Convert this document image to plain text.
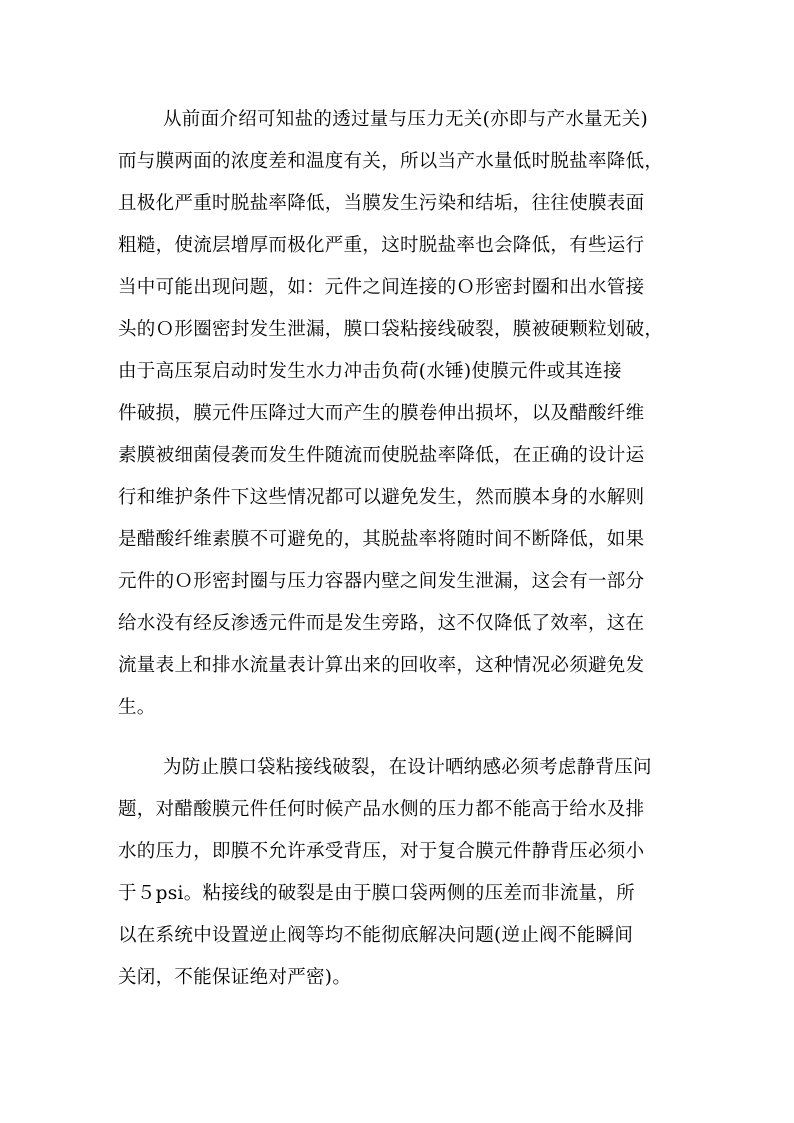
从前面介绍可知盐的透过量与压力无关(亦即与产水量无关)
而与膜两面的浓度差和温度有关，所以当产水量低时脱盐率降低，
且极化严重时脱盐率降低，当膜发生污染和结垢，往往使膜表面
粗糙，使流层增厚而极化严重，这时脱盐率也会降低，有些运行
当中可能出现问题，如：元件之间连接的Ｏ形密封圈和出水管接
头的Ｏ形圈密封发生泄漏，膜口袋粘接线破裂，膜被硬颗粒划破，
由于高压泵启动时发生水力冲击负荷(水锤)使膜元件或其连接
件破损，膜元件压降过大而产生的膜卷伸出损坏，以及醋酸纤维
素膜被细菌侵袭而发生件随流而使脱盐率降低，在正确的设计运
行和维护条件下这些情况都可以避免发生，然而膜本身的水解则
是醋酸纤维素膜不可避免的，其脱盐率将随时间不断降低，如果
元件的Ｏ形密封圈与压力容器内壁之间发生泄漏，这会有一部分
给水没有经反渗透元件而是发生旁路，这不仅降低了效率，这在
流量表上和排水流量表计算出来的回收率，这种情况必须避免发
生。
为防止膜口袋粘接线破裂，在设计哂纳感必须考虑静背压问
题，对醋酸膜元件任何时候产品水侧的压力都不能高于给水及排
水的压力，即膜不允许承受背压，对于复合膜元件静背压必须小
于５psi。粘接线的破裂是由于膜口袋两侧的压差而非流量，所
以在系统中设置逆止阀等均不能彻底解决问题(逆止阀不能瞬间
关闭，不能保证绝对严密)。
